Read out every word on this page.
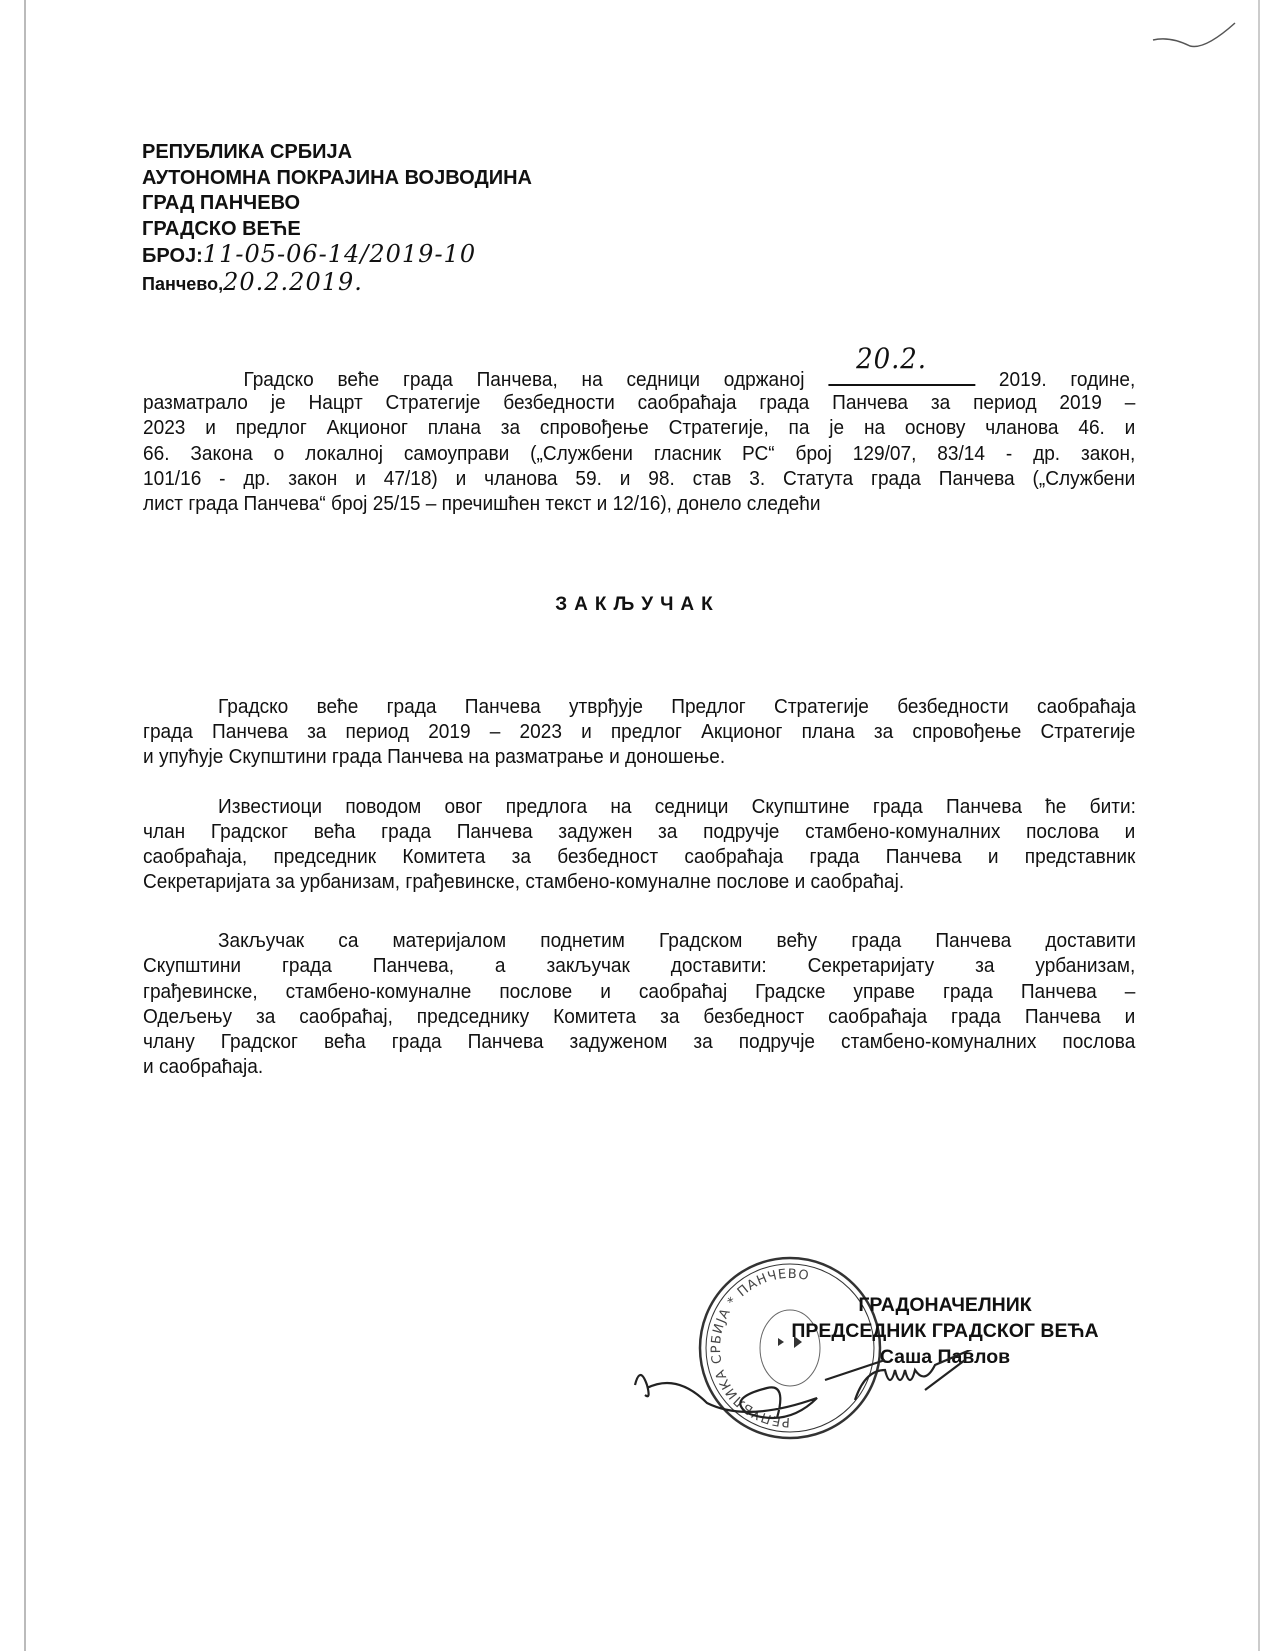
РЕПУБЛИКА СРБИЈА
АУТОНОМНА ПОКРАЈИНА ВОЈВОДИНА
ГРАД ПАНЧЕВО
ГРАДСКО ВЕЋЕ
БРОЈ:11-05-06-14/2019-10
Панчево,20.2.2019.
Градско веће града Панчева, на седници одржаној
20.2.
2019. године,
разматрало је Нацрт Стратегије безбедности саобраћаја града Панчева за период 2019 –
2023 и предлог Акционог плана за спровођење Стратегије, па је на основу чланова 46. и
66. Закона о локалној самоуправи („Службени гласник РС“ број 129/07, 83/14 - др. закон,
101/16 - др. закон и 47/18) и чланова 59. и 98. став 3. Статута града Панчева („Службени
лист града Панчева“ број 25/15 – пречишћен текст и 12/16), донело следећи
ЗАКЉУЧАК
Градско веће града Панчева утврђује Предлог Стратегије безбедности саобраћаја
града Панчева за период 2019 – 2023 и предлог Акционог плана за спровођење Стратегије
и упућује Скупштини града Панчева на разматрање и доношење.
Известиоци поводом овог предлога на седници Скупштине града Панчева ће бити:
члан Градског већа града Панчева задужен за подручје стамбено-комуналних послова и
саобраћаја, председник Комитета за безбедност саобраћаја града Панчева и представник
Секретаријата за урбанизам, грађевинске, стамбено-комуналне послове и саобраћај.
Закључак са материјалом поднетим Градском већу града Панчева доставити
Скупштини града Панчева, а закључак доставити: Секретаријату за урбанизам,
грађевинске, стамбено-комуналне послове и саобраћај Градске управе града Панчева –
Одељењу за саобраћај, председнику Комитета за безбедност саобраћаја града Панчева и
члану Градског већа града Панчева задуженом за подручје стамбено-комуналних послова
и саобраћаја.
РЕПУБЛИКА СРБИЈА * ПАНЧЕВО
ГРАДОНАЧЕЛНИК
ПРЕДСЕДНИК ГРАДСКОГ ВЕЋА
Саша Павлов
